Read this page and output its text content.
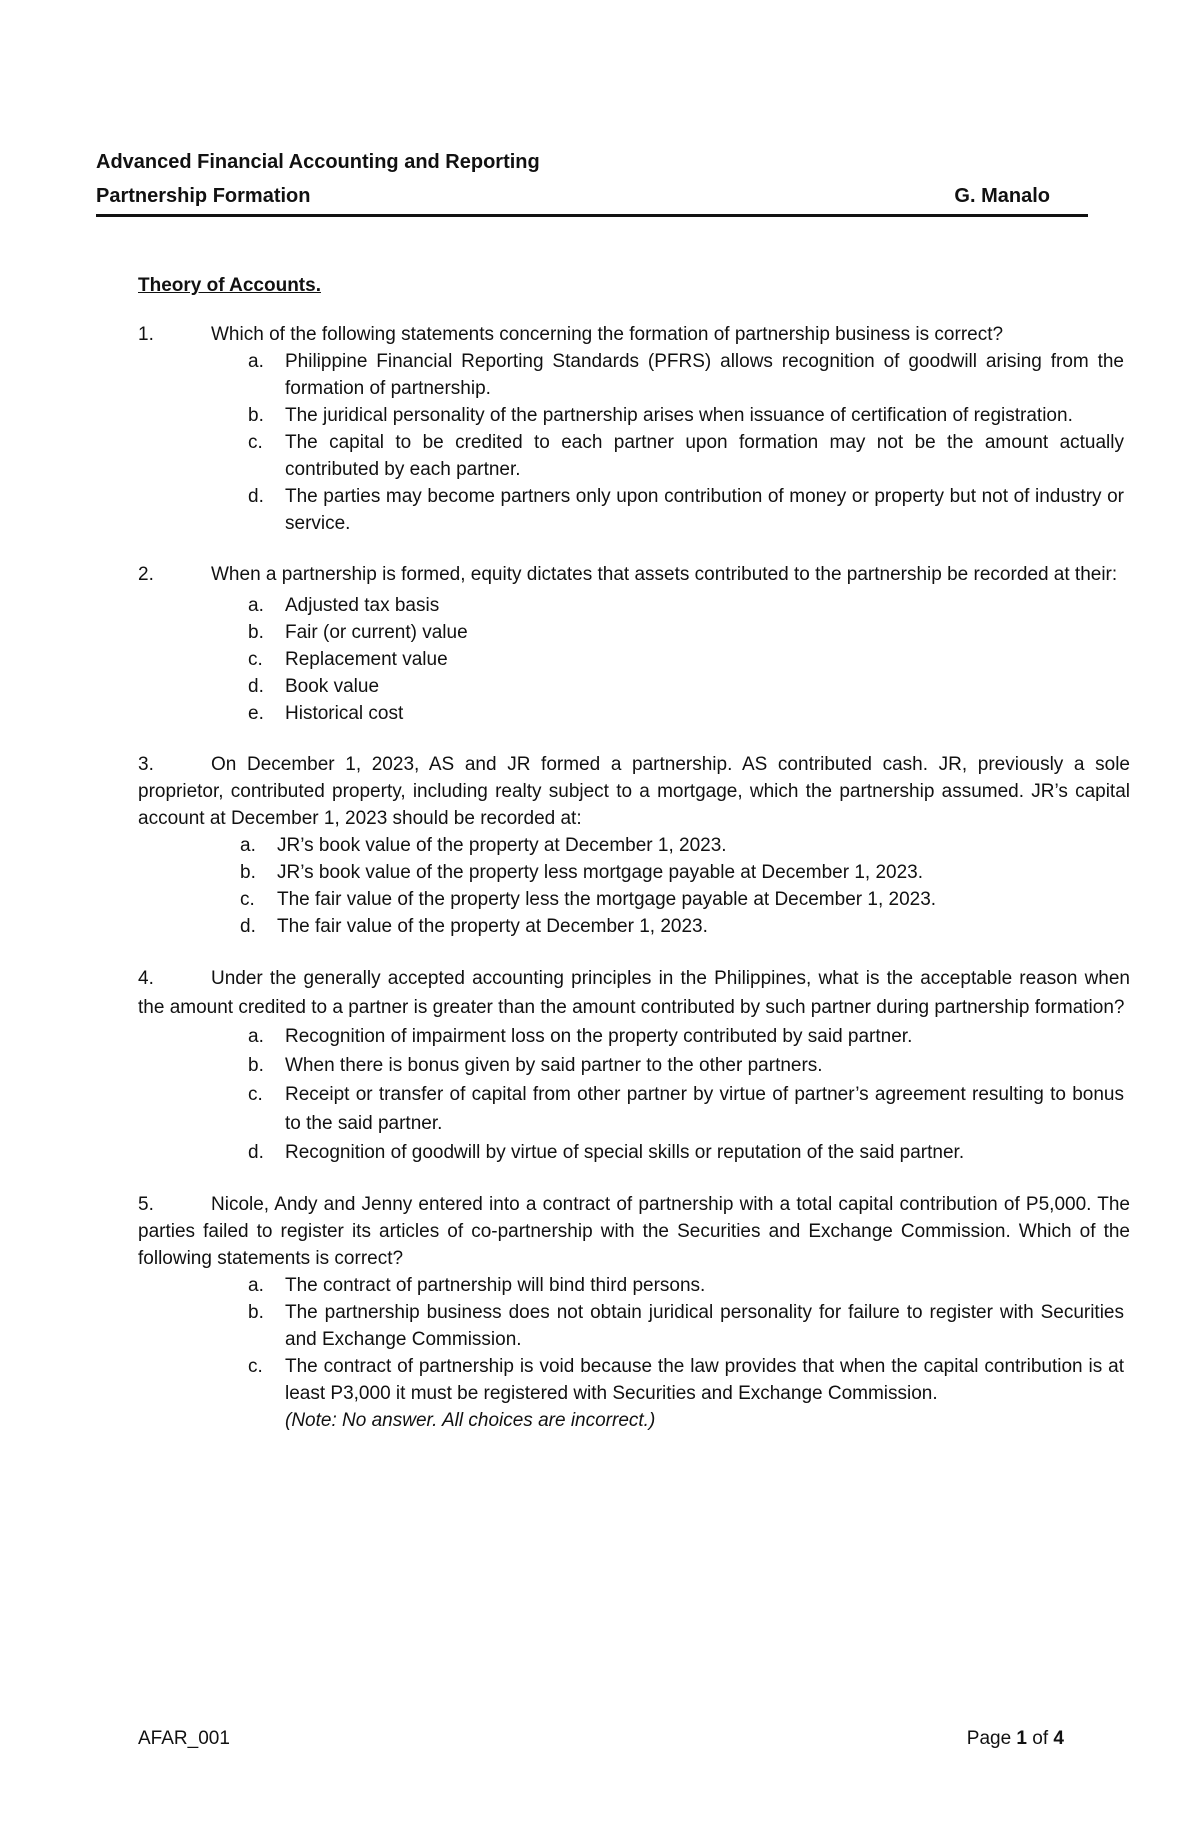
Advanced Financial Accounting and Reporting
Partnership Formation	G. Manalo
Theory of Accounts.
1.	Which of the following statements concerning the formation of partnership business is correct?
a.	Philippine Financial Reporting Standards (PFRS) allows recognition of goodwill arising from the formation of partnership.
b.	The juridical personality of the partnership arises when issuance of certification of registration.
c.	The capital to be credited to each partner upon formation may not be the amount actually contributed by each partner.
d.	The parties may become partners only upon contribution of money or property but not of industry or service.
2.	When a partnership is formed, equity dictates that assets contributed to the partnership be recorded at their:
a.	Adjusted tax basis
b.	Fair (or current) value
c.	Replacement value
d.	Book value
e.	Historical cost
3.	On December 1, 2023, AS and JR formed a partnership. AS contributed cash. JR, previously a sole proprietor, contributed property, including realty subject to a mortgage, which the partnership assumed. JR’s capital account at December 1, 2023 should be recorded at:
a.	JR’s book value of the property at December 1, 2023.
b.	JR’s book value of the property less mortgage payable at December 1, 2023.
c.	The fair value of the property less the mortgage payable at December 1, 2023.
d.	The fair value of the property at December 1, 2023.
4.	Under the generally accepted accounting principles in the Philippines, what is the acceptable reason when the amount credited to a partner is greater than the amount contributed by such partner during partnership formation?
a.	Recognition of impairment loss on the property contributed by said partner.
b.	When there is bonus given by said partner to the other partners.
c.	Receipt or transfer of capital from other partner by virtue of partner’s agreement resulting to bonus to the said partner.
d.	Recognition of goodwill by virtue of special skills or reputation of the said partner.
5.	Nicole, Andy and Jenny entered into a contract of partnership with a total capital contribution of P5,000. The parties failed to register its articles of co-partnership with the Securities and Exchange Commission. Which of the following statements is correct?
a.	The contract of partnership will bind third persons.
b.	The partnership business does not obtain juridical personality for failure to register with Securities and Exchange Commission.
c.	The contract of partnership is void because the law provides that when the capital contribution is at least P3,000 it must be registered with Securities and Exchange Commission.
(Note: No answer. All choices are incorrect.)
AFAR_001	Page 1 of 4
